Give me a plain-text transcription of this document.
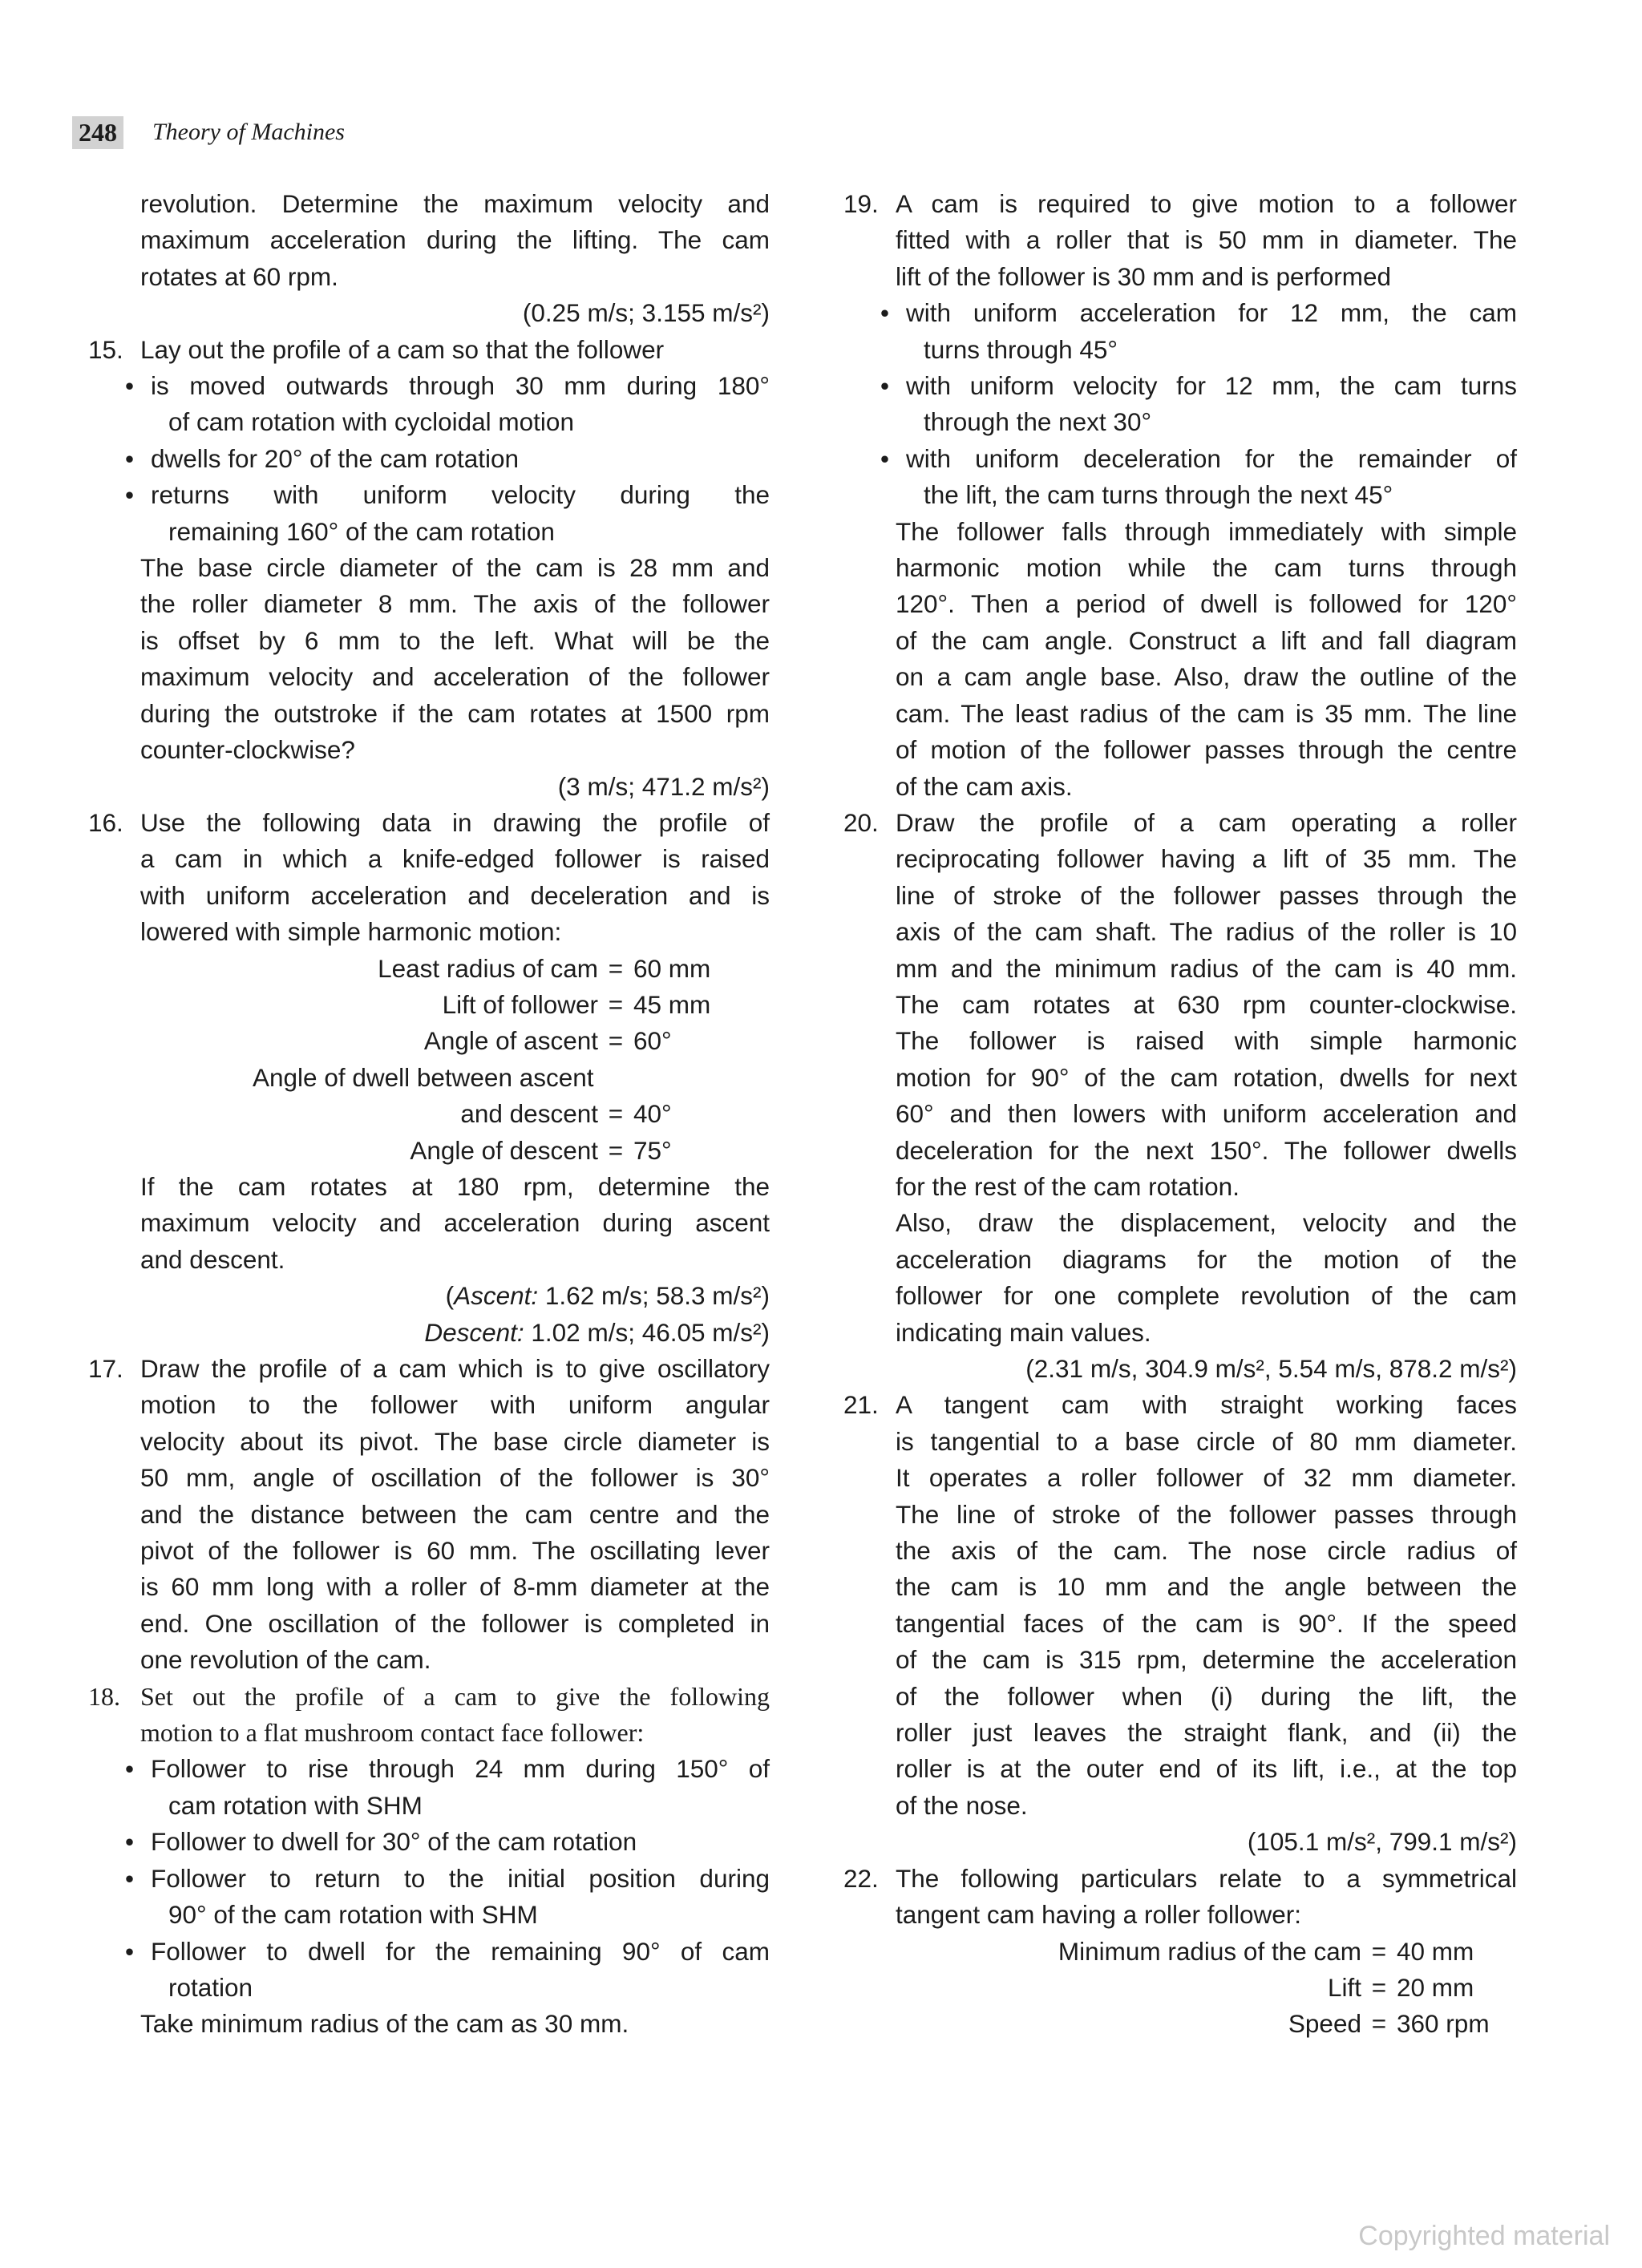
248 Theory of Machines
revolution. Determine the maximum velocity and
maximum acceleration during the lifting. The cam
rotates at 60 rpm.
(0.25 m/s; 3.155 m/s²)
15. Lay out the profile of a cam so that the follower
• is moved outwards through 30 mm during 180°
of cam rotation with cycloidal motion
• dwells for 20° of the cam rotation
• returns with uniform velocity during the
remaining 160° of the cam rotation
The base circle diameter of the cam is 28 mm and
the roller diameter 8 mm. The axis of the follower
is offset by 6 mm to the left. What will be the
maximum velocity and acceleration of the follower
during the outstroke if the cam rotates at 1500 rpm
counter-clockwise?
(3 m/s; 471.2 m/s²)
16. Use the following data in drawing the profile of
a cam in which a knife-edged follower is raised
with uniform acceleration and deceleration and is
lowered with simple harmonic motion:
Least radius of cam = 60 mm
Lift of follower = 45 mm
Angle of ascent = 60°
Angle of dwell between ascent
and descent = 40°
Angle of descent = 75°
If the cam rotates at 180 rpm, determine the
maximum velocity and acceleration during ascent
and descent.
(Ascent: 1.62 m/s; 58.3 m/s²)
Descent: 1.02 m/s; 46.05 m/s²)
17. Draw the profile of a cam which is to give oscillatory
motion to the follower with uniform angular
velocity about its pivot. The base circle diameter is
50 mm, angle of oscillation of the follower is 30°
and the distance between the cam centre and the
pivot of the follower is 60 mm. The oscillating lever
is 60 mm long with a roller of 8-mm diameter at the
end. One oscillation of the follower is completed in
one revolution of the cam.
18. Set out the profile of a cam to give the following
motion to a flat mushroom contact face follower:
• Follower to rise through 24 mm during 150° of
cam rotation with SHM
• Follower to dwell for 30° of the cam rotation
• Follower to return to the initial position during
90° of the cam rotation with SHM
• Follower to dwell for the remaining 90° of cam
rotation
Take minimum radius of the cam as 30 mm.
19. A cam is required to give motion to a follower
fitted with a roller that is 50 mm in diameter. The
lift of the follower is 30 mm and is performed
• with uniform acceleration for 12 mm, the cam
turns through 45°
• with uniform velocity for 12 mm, the cam turns
through the next 30°
• with uniform deceleration for the remainder of
the lift, the cam turns through the next 45°
The follower falls through immediately with simple
harmonic motion while the cam turns through
120°. Then a period of dwell is followed for 120°
of the cam angle. Construct a lift and fall diagram
on a cam angle base. Also, draw the outline of the
cam. The least radius of the cam is 35 mm. The line
of motion of the follower passes through the centre
of the cam axis.
20. Draw the profile of a cam operating a roller
reciprocating follower having a lift of 35 mm. The
line of stroke of the follower passes through the
axis of the cam shaft. The radius of the roller is 10
mm and the minimum radius of the cam is 40 mm.
The cam rotates at 630 rpm counter-clockwise.
The follower is raised with simple harmonic
motion for 90° of the cam rotation, dwells for next
60° and then lowers with uniform acceleration and
deceleration for the next 150°. The follower dwells
for the rest of the cam rotation.
Also, draw the displacement, velocity and the
acceleration diagrams for the motion of the
follower for one complete revolution of the cam
indicating main values.
(2.31 m/s, 304.9 m/s², 5.54 m/s, 878.2 m/s²)
21. A tangent cam with straight working faces
is tangential to a base circle of 80 mm diameter.
It operates a roller follower of 32 mm diameter.
The line of stroke of the follower passes through
the axis of the cam. The nose circle radius of
the cam is 10 mm and the angle between the
tangential faces of the cam is 90°. If the speed
of the cam is 315 rpm, determine the acceleration
of the follower when (i) during the lift, the
roller just leaves the straight flank, and (ii) the
roller is at the outer end of its lift, i.e., at the top
of the nose.
(105.1 m/s², 799.1 m/s²)
22. The following particulars relate to a symmetrical
tangent cam having a roller follower:
Minimum radius of the cam = 40 mm
Lift = 20 mm
Speed = 360 rpm
Copyrighted material
